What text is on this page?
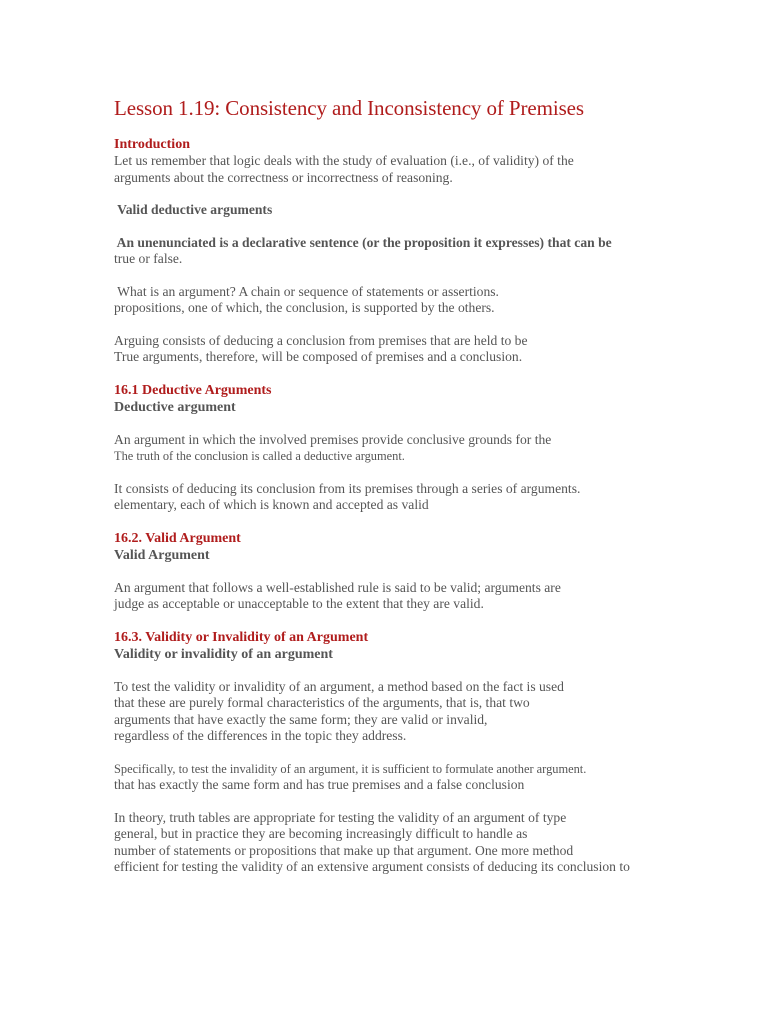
Lesson 1.19: Consistency and Inconsistency of Premises
Introduction
Let us remember that logic deals with the study of evaluation (i.e., of validity) of the
arguments about the correctness or incorrectness of reasoning.
Valid deductive arguments
An unenunciated is a declarative sentence (or the proposition it expresses) that can be
true or false.
What is an argument? A chain or sequence of statements or assertions.
propositions, one of which, the conclusion, is supported by the others.
Arguing consists of deducing a conclusion from premises that are held to be
True arguments, therefore, will be composed of premises and a conclusion.
16.1 Deductive Arguments
Deductive argument
An argument in which the involved premises provide conclusive grounds for the
The truth of the conclusion is called a deductive argument.
It consists of deducing its conclusion from its premises through a series of arguments.
elementary, each of which is known and accepted as valid
16.2. Valid Argument
Valid Argument
An argument that follows a well-established rule is said to be valid; arguments are
judge as acceptable or unacceptable to the extent that they are valid.
16.3. Validity or Invalidity of an Argument
Validity or invalidity of an argument
To test the validity or invalidity of an argument, a method based on the fact is used
that these are purely formal characteristics of the arguments, that is, that two
arguments that have exactly the same form; they are valid or invalid,
regardless of the differences in the topic they address.
Specifically, to test the invalidity of an argument, it is sufficient to formulate another argument.
that has exactly the same form and has true premises and a false conclusion
In theory, truth tables are appropriate for testing the validity of an argument of type
general, but in practice they are becoming increasingly difficult to handle as
number of statements or propositions that make up that argument. One more method
efficient for testing the validity of an extensive argument consists of deducing its conclusion to
